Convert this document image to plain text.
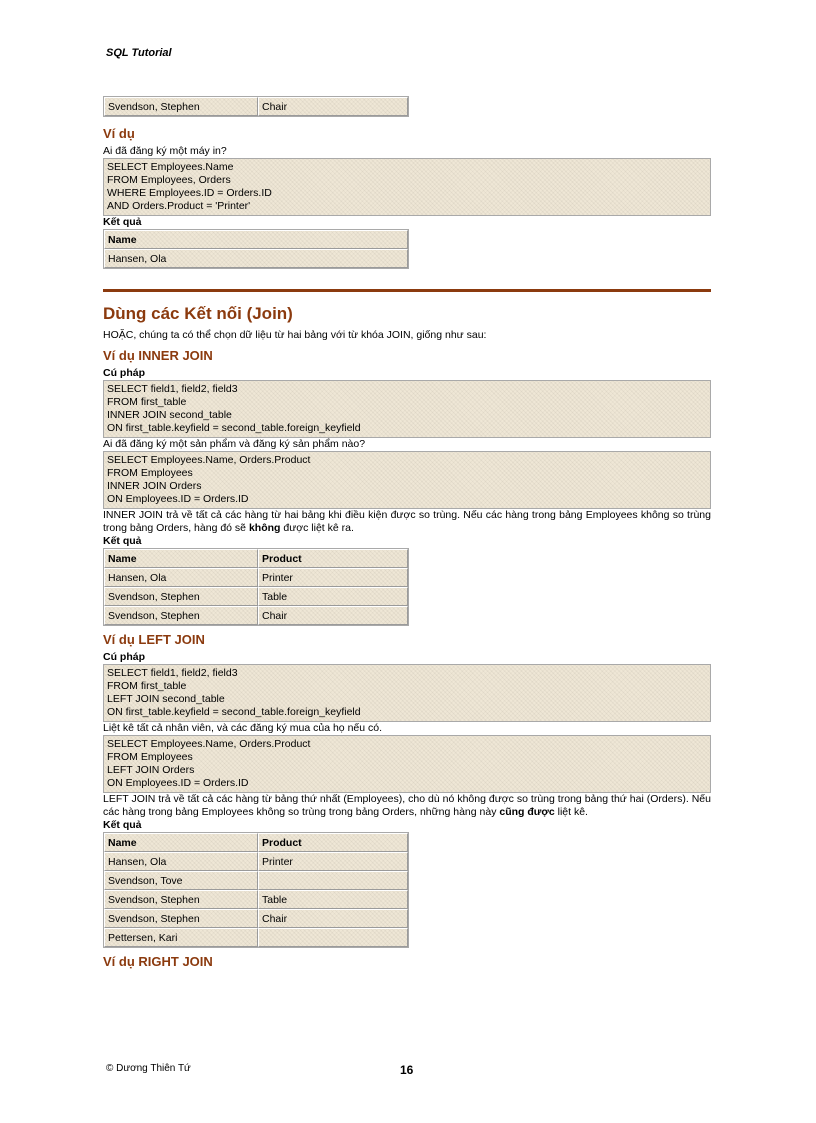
SQL Tutorial
Svendson, Stephen	Chair
Ví dụ
Ai đã đăng ký một máy in?
SELECT Employees.Name
FROM Employees, Orders
WHERE Employees.ID = Orders.ID
AND Orders.Product = 'Printer'
Kết quả
Name
Hansen, Ola
Dùng các Kết nối (Join)
HOẶC, chúng ta có thể chọn dữ liệu từ hai bảng với từ khóa JOIN, giống như sau:
Ví dụ INNER JOIN
Cú pháp
SELECT field1, field2, field3
FROM first_table
INNER JOIN second_table
ON first_table.keyfield = second_table.foreign_keyfield
Ai đã đăng ký một sản phẩm và đăng ký sản phẩm nào?
SELECT Employees.Name, Orders.Product
FROM Employees
INNER JOIN Orders
ON Employees.ID = Orders.ID
INNER JOIN trả về tất cả các hàng từ hai bảng khi điều kiện được so trùng. Nếu các hàng trong bảng Employees không so trùng trong bảng Orders, hàng đó sẽ không được liệt kê ra.
Kết quả
Name	Product
Hansen, Ola	Printer
Svendson, Stephen	Table
Svendson, Stephen	Chair
Ví dụ LEFT JOIN
Cú pháp
SELECT field1, field2, field3
FROM first_table
LEFT JOIN second_table
ON first_table.keyfield = second_table.foreign_keyfield
Liệt kê tất cả nhân viên, và các đăng ký mua của họ nếu có.
SELECT Employees.Name, Orders.Product
FROM Employees
LEFT JOIN Orders
ON Employees.ID = Orders.ID
LEFT JOIN trả về tất cả các hàng từ bảng thứ nhất (Employees), cho dù nó không được so trùng trong bảng thứ hai (Orders). Nếu các hàng trong bảng Employees không so trùng trong bảng Orders, những hàng này cũng được liệt kê.
Kết quả
Name	Product
Hansen, Ola	Printer
Svendson, Tove	
Svendson, Stephen	Table
Svendson, Stephen	Chair
Pettersen, Kari	
Ví dụ RIGHT JOIN
© Dương Thiên Tứ	16
